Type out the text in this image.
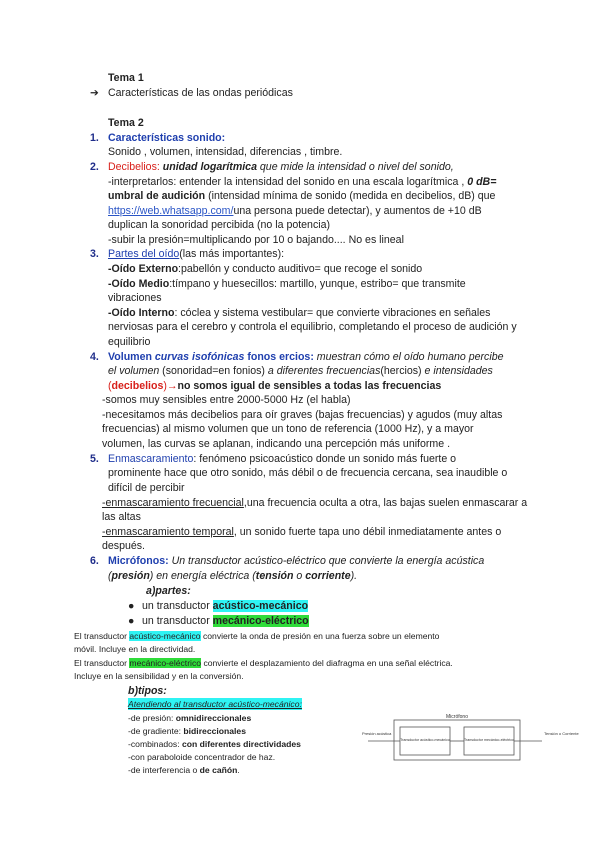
Tema 1
➔ Características de las ondas periódicas
Tema 2
1. Características sonido:
Sonido , volumen, intensidad, diferencias , timbre.
2. Decibelios: unidad logarítmica que mide la intensidad o nivel del sonido,
-interpretarlos: entender la intensidad del sonido en una escala logarítmica , 0 dB=
umbral de audición (intensidad mínima de sonido (medida en decibelios, dB) que
https://web.whatsapp.com/una persona puede detectar), y aumentos de +10 dB
duplican la sonoridad percibida (no la potencia)
-subir la presión=multiplicando por 10 o bajando.... No es lineal
3. Partes del oído(las más importantes):
-Oído Externo:pabellón y conducto auditivo= que recoge el sonido
-Oído Medio:tímpano y huesecillos: martillo, yunque, estribo= que transmite
vibraciones
-Oído Interno: cóclea y sistema vestibular= que convierte vibraciones en señales
nerviosas para el cerebro y controla el equilibrio, completando el proceso de audición y
equilibrio
4. Volumen curvas isofónicas fonos ercios: muestran cómo el oído humano percibe
el volumen (sonoridad=en fonios) a diferentes frecuencias(hercios) e intensidades
(decibelios)→no somos igual de sensibles a todas las frecuencias
-somos muy sensibles entre 2000-5000 Hz (el habla)
-necesitamos más decibelios para oír graves (bajas frecuencias) y agudos (muy altas
frecuencias) al mismo volumen que un tono de referencia (1000 Hz), y a mayor
volumen, las curvas se aplanan, indicando una percepción más uniforme .
5. Enmascaramiento: fenómeno psicoacústico donde un sonido más fuerte o
prominente hace que otro sonido, más débil o de frecuencia cercana, sea inaudible o
difícil de percibir
-enmascaramiento frecuencial,una frecuencia oculta a otra, las bajas suelen enmascarar a
las altas
-enmascaramiento temporal, un sonido fuerte tapa uno débil inmediatamente antes o
después.
6. Micrófonos: Un transductor acústico-eléctrico que convierte la energía acústica
(presión) en energía eléctrica (tensión o corriente).
a)partes:
● un transductor acústico-mecánico
● un transductor mecánico-eléctrico
El transductor acústico-mecánico convierte la onda de presión en una fuerza sobre un elemento
móvil. Incluye en la directividad.
El transductor mecánico-eléctrico convierte el desplazamiento del diafragma en una señal eléctrica.
Incluye en la sensibilidad y en la conversión.
b)tipos:
Atendiendo al transductor acústico-mecánico:
-de presión: omnidireccionales
-de gradiente: bidireccionales
-combinados: con diferentes directividades
-con paraboloide concentrador de haz.
-de interferencia o de cañón.
Micrófono
Presión acústica
Transductor acústico-mecánico	Transductor mecánico-eléctrico
Tensión o Corriente
